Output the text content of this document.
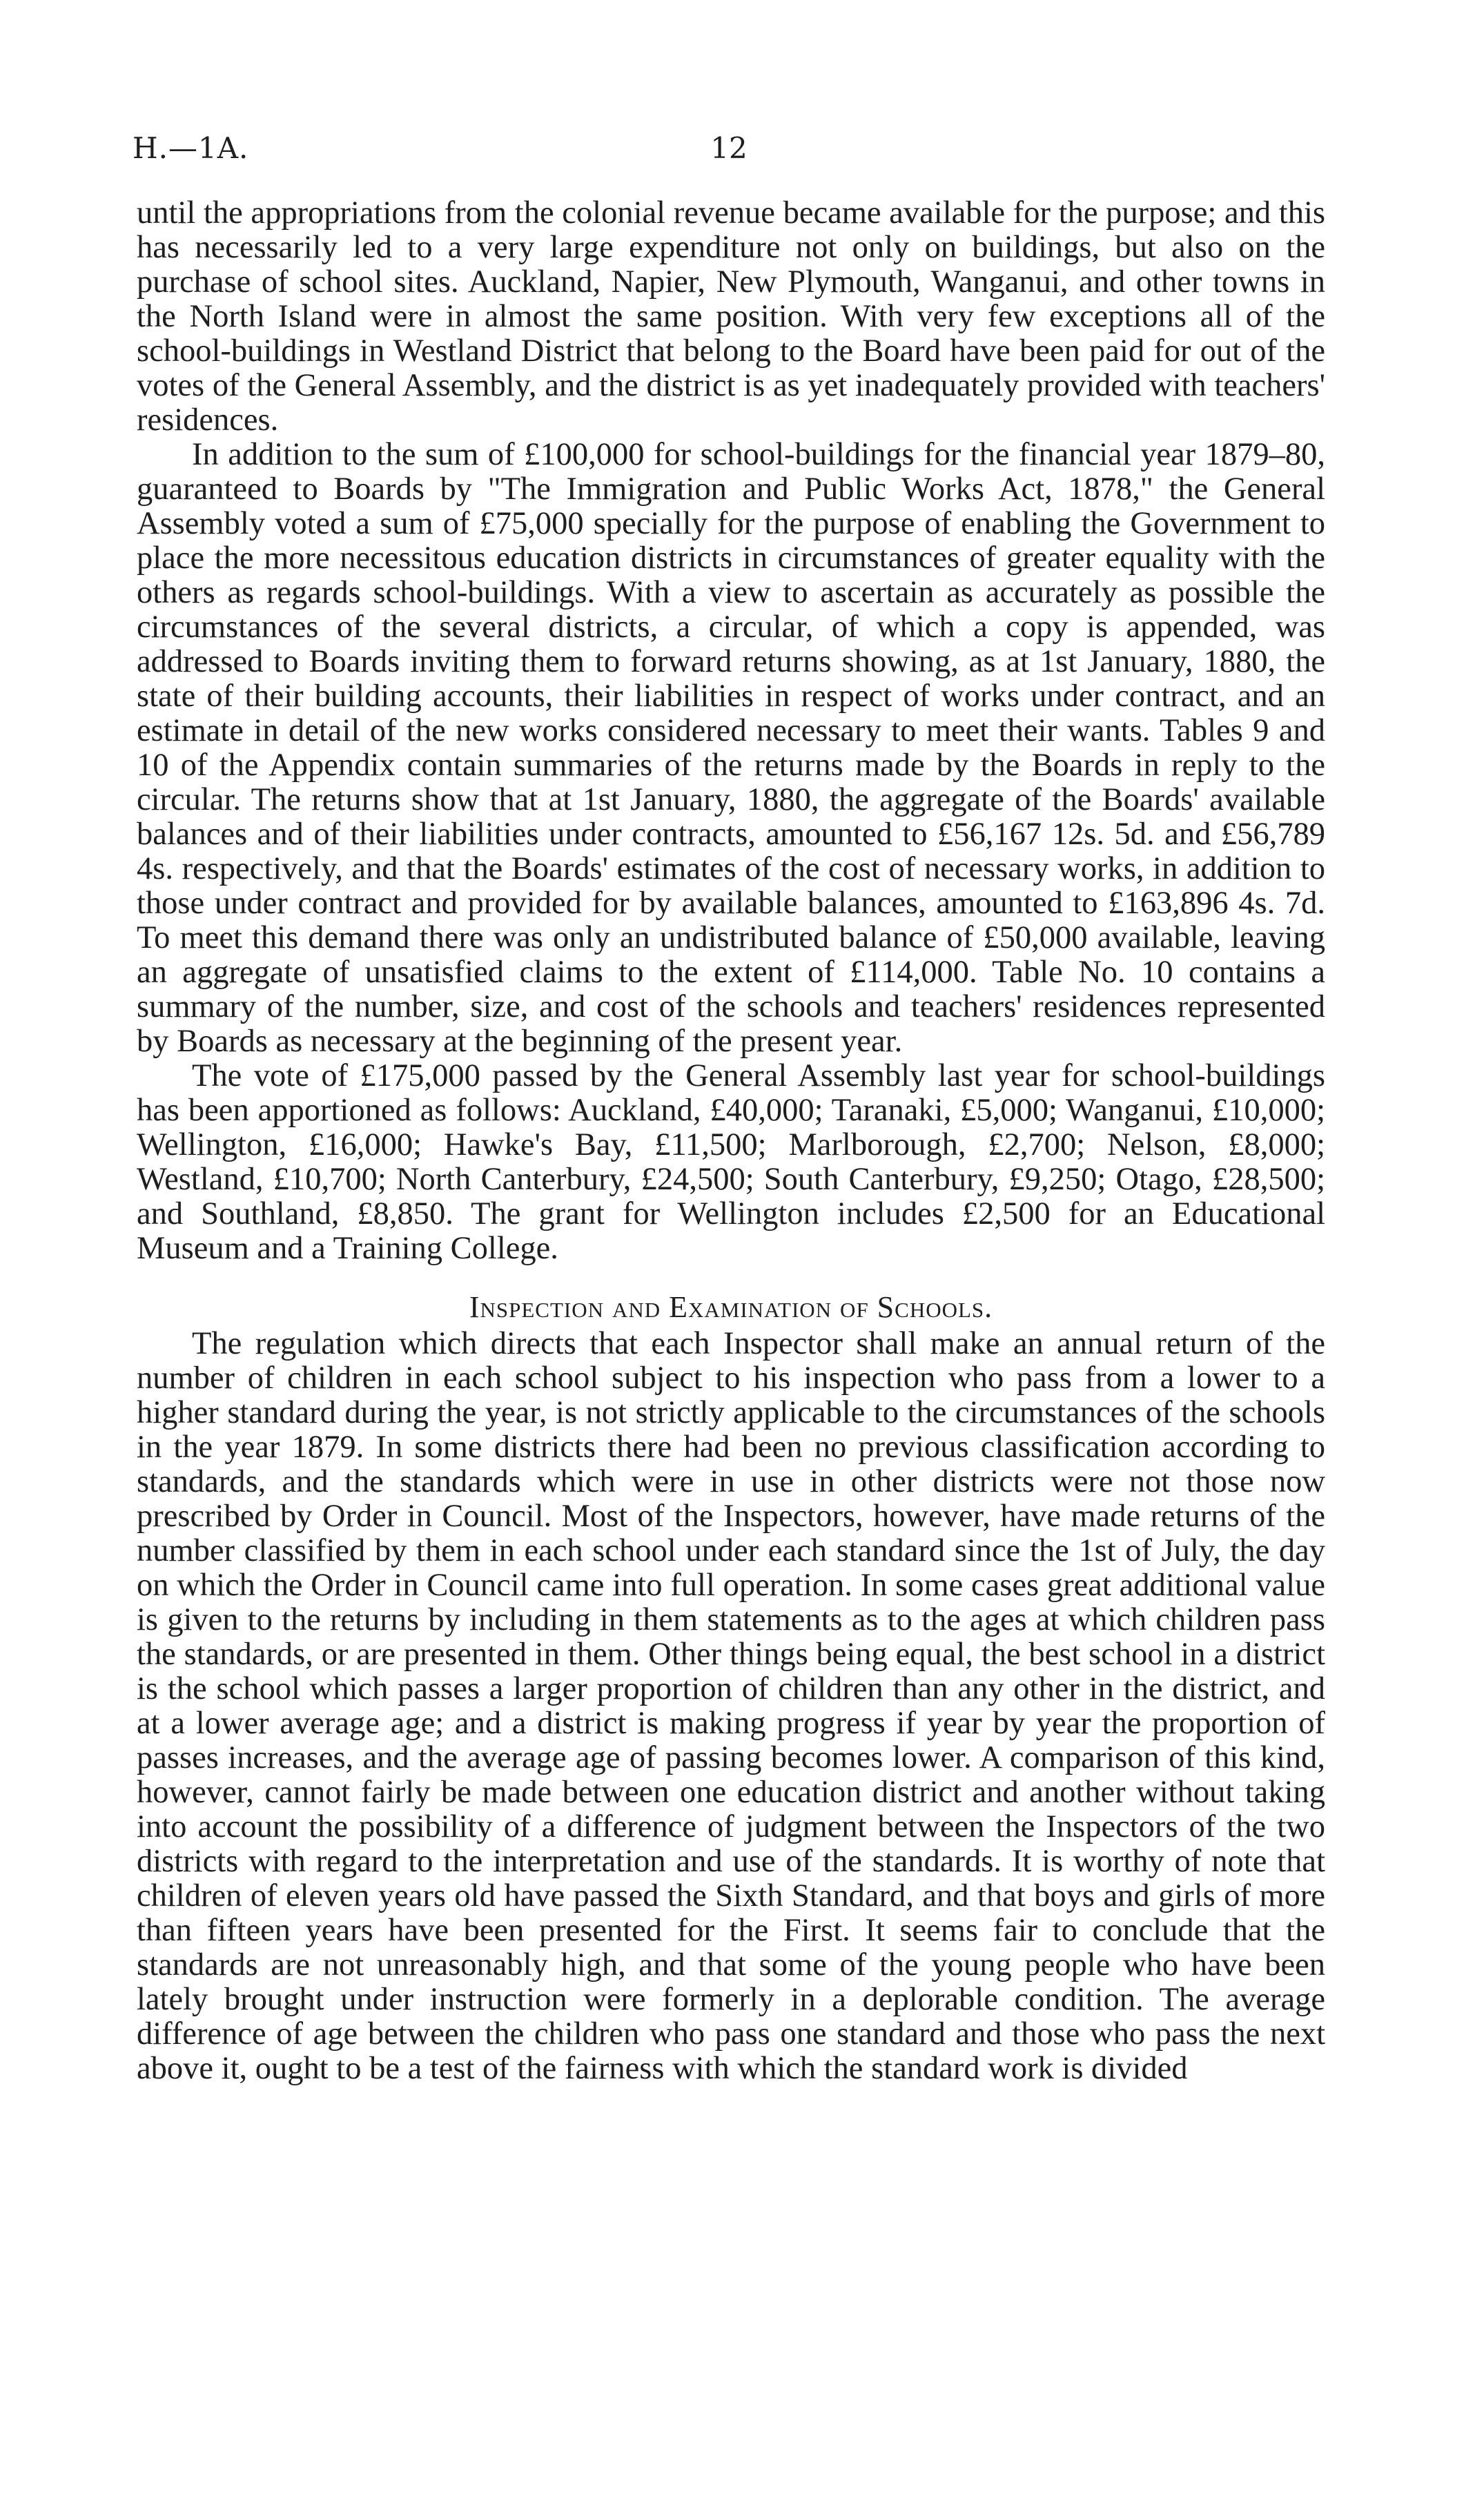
H.—1A.	12

until the appropriations from the colonial revenue became available for the purpose; and this has necessarily led to a very large expenditure not only on buildings, but also on the purchase of school sites. Auckland, Napier, New Plymouth, Wanganui, and other towns in the North Island were in almost the same position. With very few exceptions all of the school-buildings in Westland District that belong to the Board have been paid for out of the votes of the General Assembly, and the district is as yet inadequately provided with teachers' residences.

In addition to the sum of £100,000 for school-buildings for the financial year 1879–80, guaranteed to Boards by "The Immigration and Public Works Act, 1878," the General Assembly voted a sum of £75,000 specially for the purpose of enabling the Government to place the more necessitous education districts in circumstances of greater equality with the others as regards school-buildings. With a view to ascertain as accurately as possible the circumstances of the several districts, a circular, of which a copy is appended, was addressed to Boards inviting them to forward returns showing, as at 1st January, 1880, the state of their building accounts, their liabilities in respect of works under contract, and an estimate in detail of the new works considered necessary to meet their wants. Tables 9 and 10 of the Appendix contain summaries of the returns made by the Boards in reply to the circular. The returns show that at 1st January, 1880, the aggregate of the Boards' available balances and of their liabilities under contracts, amounted to £56,167 12s. 5d. and £56,789 4s. respectively, and that the Boards' estimates of the cost of necessary works, in addition to those under contract and provided for by available balances, amounted to £163,896 4s. 7d. To meet this demand there was only an undistributed balance of £50,000 available, leaving an aggregate of unsatisfied claims to the extent of £114,000. Table No. 10 contains a summary of the number, size, and cost of the schools and teachers' residences represented by Boards as necessary at the beginning of the present year.

The vote of £175,000 passed by the General Assembly last year for school-buildings has been apportioned as follows: Auckland, £40,000; Taranaki, £5,000; Wanganui, £10,000; Wellington, £16,000; Hawke's Bay, £11,500; Marlborough, £2,700; Nelson, £8,000; Westland, £10,700; North Canterbury, £24,500; South Canterbury, £9,250; Otago, £28,500; and Southland, £8,850. The grant for Wellington includes £2,500 for an Educational Museum and a Training College.

Inspection and Examination of Schools.

The regulation which directs that each Inspector shall make an annual return of the number of children in each school subject to his inspection who pass from a lower to a higher standard during the year, is not strictly applicable to the circumstances of the schools in the year 1879. In some districts there had been no previous classification according to standards, and the standards which were in use in other districts were not those now prescribed by Order in Council. Most of the Inspectors, however, have made returns of the number classified by them in each school under each standard since the 1st of July, the day on which the Order in Council came into full operation. In some cases great additional value is given to the returns by including in them statements as to the ages at which children pass the standards, or are presented in them. Other things being equal, the best school in a district is the school which passes a larger proportion of children than any other in the district, and at a lower average age; and a district is making progress if year by year the proportion of passes increases, and the average age of passing becomes lower. A comparison of this kind, however, cannot fairly be made between one education district and another without taking into account the possibility of a difference of judgment between the Inspectors of the two districts with regard to the interpretation and use of the standards. It is worthy of note that children of eleven years old have passed the Sixth Standard, and that boys and girls of more than fifteen years have been presented for the First. It seems fair to conclude that the standards are not unreasonably high, and that some of the young people who have been lately brought under instruction were formerly in a deplorable condition. The average difference of age between the children who pass one standard and those who pass the next above it, ought to be a test of the fairness with which the standard work is divided
